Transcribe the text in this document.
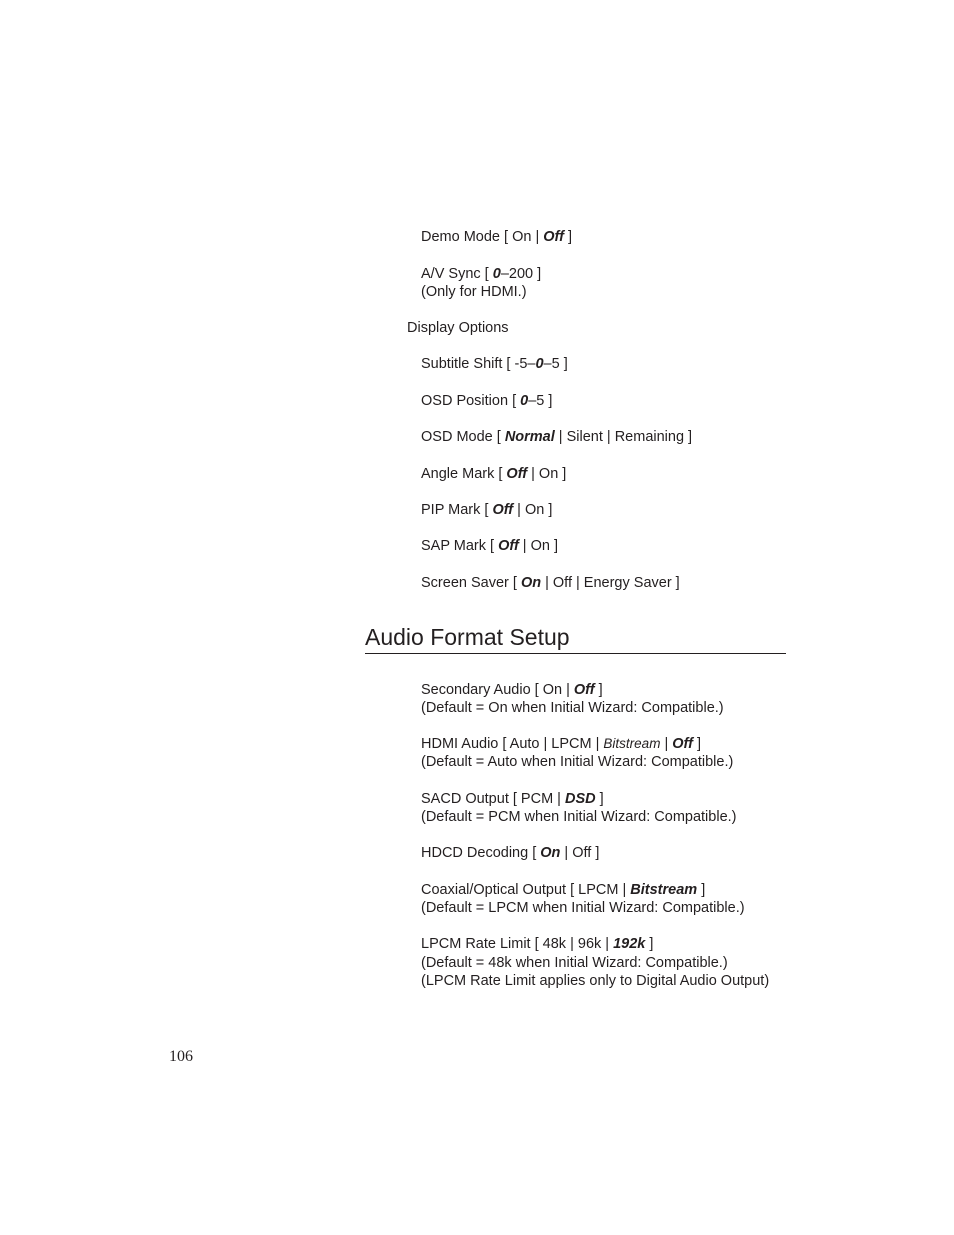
Demo Mode [ On | Off ]

A/V Sync [ 0–200 ]

(Only for HDMI.)

Display Options

Subtitle Shift [ -5–0–5 ]

OSD Position [ 0–5 ]

OSD Mode [ Normal | Silent | Remaining ]

Angle Mark [ Off | On ]

PIP Mark [ Off | On ]

SAP Mark [ Off | On ]

Screen Saver [ On | Off | Energy Saver ]

Audio Format Setup

Secondary Audio [ On | Off ]

(Default = On when Initial Wizard: Compatible.)

HDMI Audio [ Auto | LPCM | Bitstream | Off ]

(Default = Auto when Initial Wizard: Compatible.)

SACD Output [ PCM | DSD ]

(Default = PCM when Initial Wizard: Compatible.)

HDCD Decoding [ On | Off ]

Coaxial/Optical Output [ LPCM | Bitstream ]

(Default = LPCM when Initial Wizard: Compatible.)

LPCM Rate Limit [ 48k | 96k | 192k ]

(Default = 48k when Initial Wizard: Compatible.)

(LPCM Rate Limit applies only to Digital Audio Output)

106
